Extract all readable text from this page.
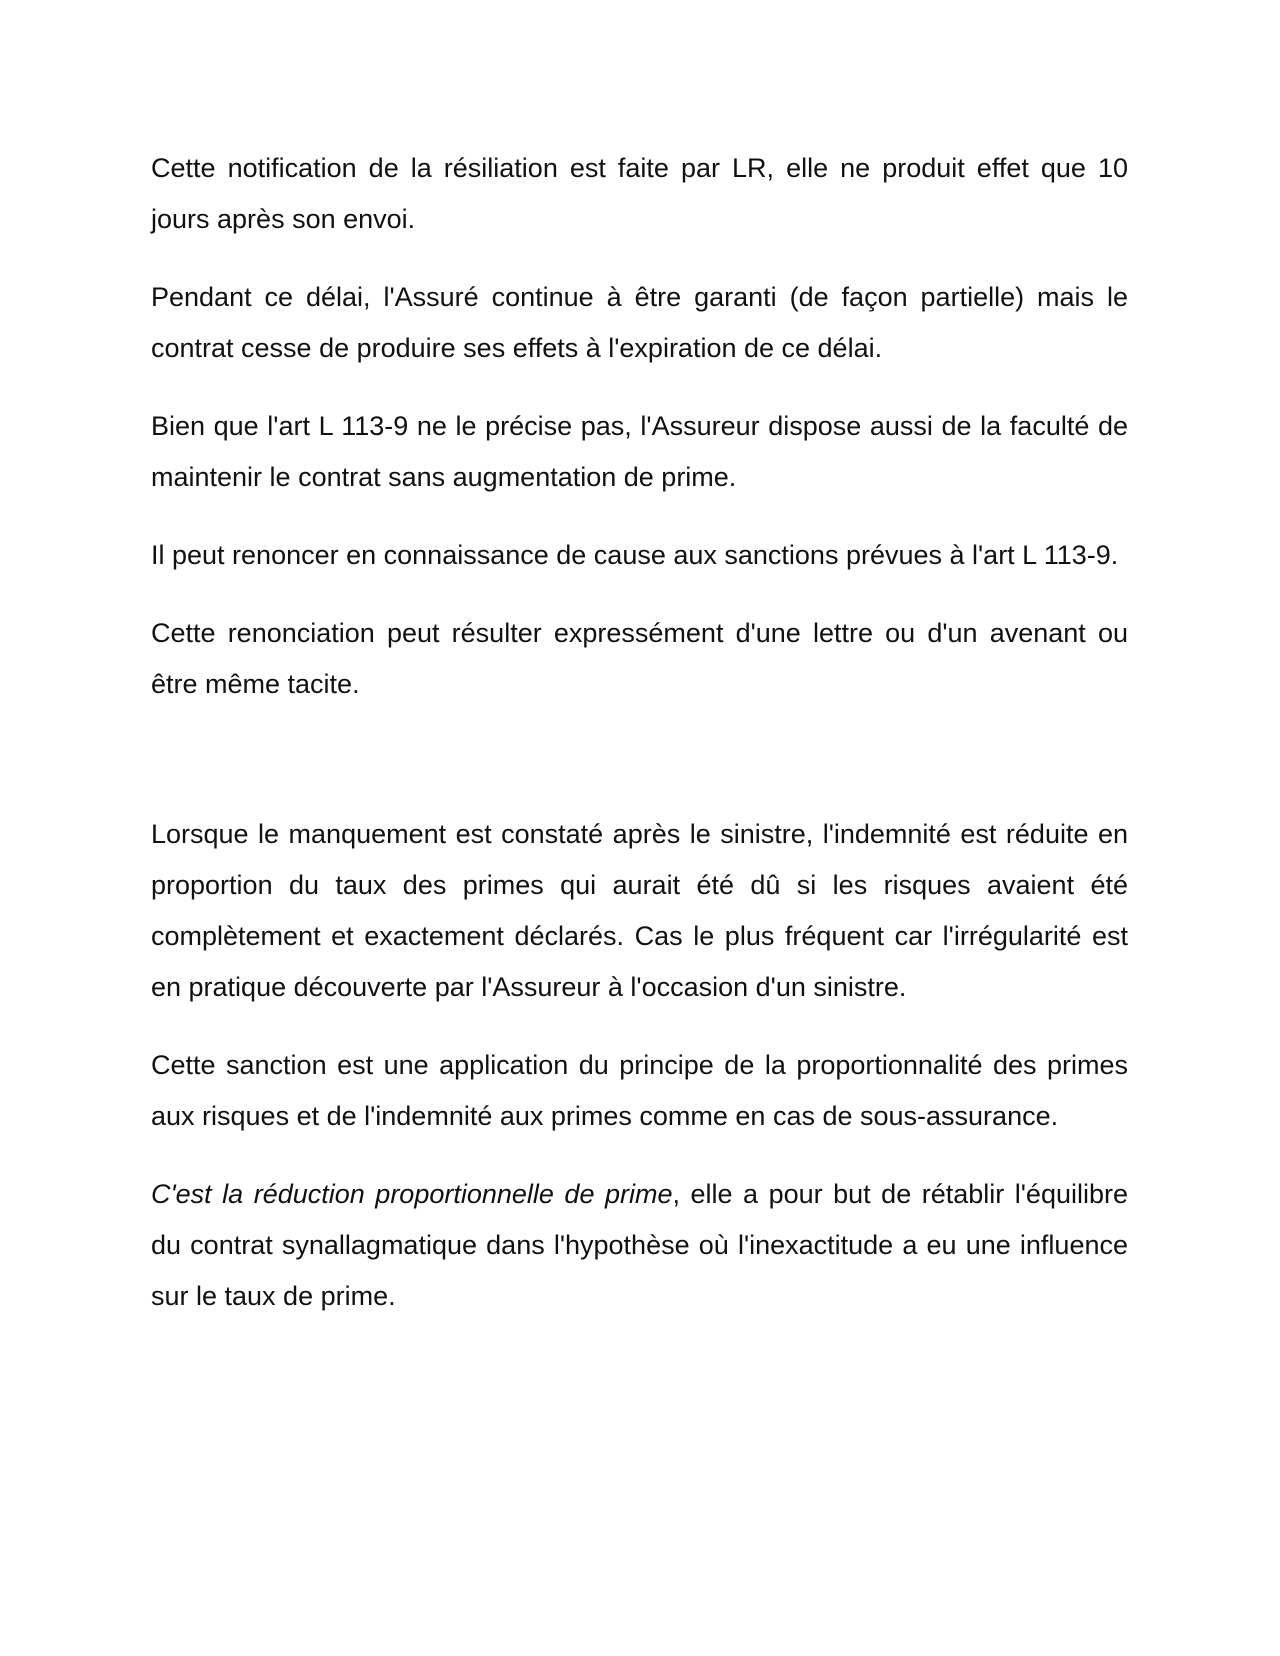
Cette notification de la résiliation est faite par LR, elle ne produit effet que 10 jours après son envoi.

Pendant ce délai, l'Assuré continue à être garanti (de façon partielle) mais le contrat cesse de produire ses effets à l'expiration de ce délai.

Bien que l'art L 113-9 ne le précise pas, l'Assureur dispose aussi de la faculté de maintenir le contrat sans augmentation de prime.

Il peut renoncer en connaissance de cause aux sanctions prévues à l'art L 113-9.

Cette renonciation peut résulter expressément d'une lettre ou d'un avenant ou être même tacite.

Lorsque le manquement est constaté après le sinistre, l'indemnité est réduite en proportion du taux des primes qui aurait été dû si les risques avaient été complètement et exactement déclarés. Cas le plus fréquent car l'irrégularité est en pratique découverte par l'Assureur à l'occasion d'un sinistre.

Cette sanction est une application du principe de la proportionnalité des primes aux risques et de l'indemnité aux primes comme en cas de sous-assurance.

C'est la réduction proportionnelle de prime, elle a pour but de rétablir l'équilibre du contrat synallagmatique dans l'hypothèse où l'inexactitude a eu une influence sur le taux de prime.
